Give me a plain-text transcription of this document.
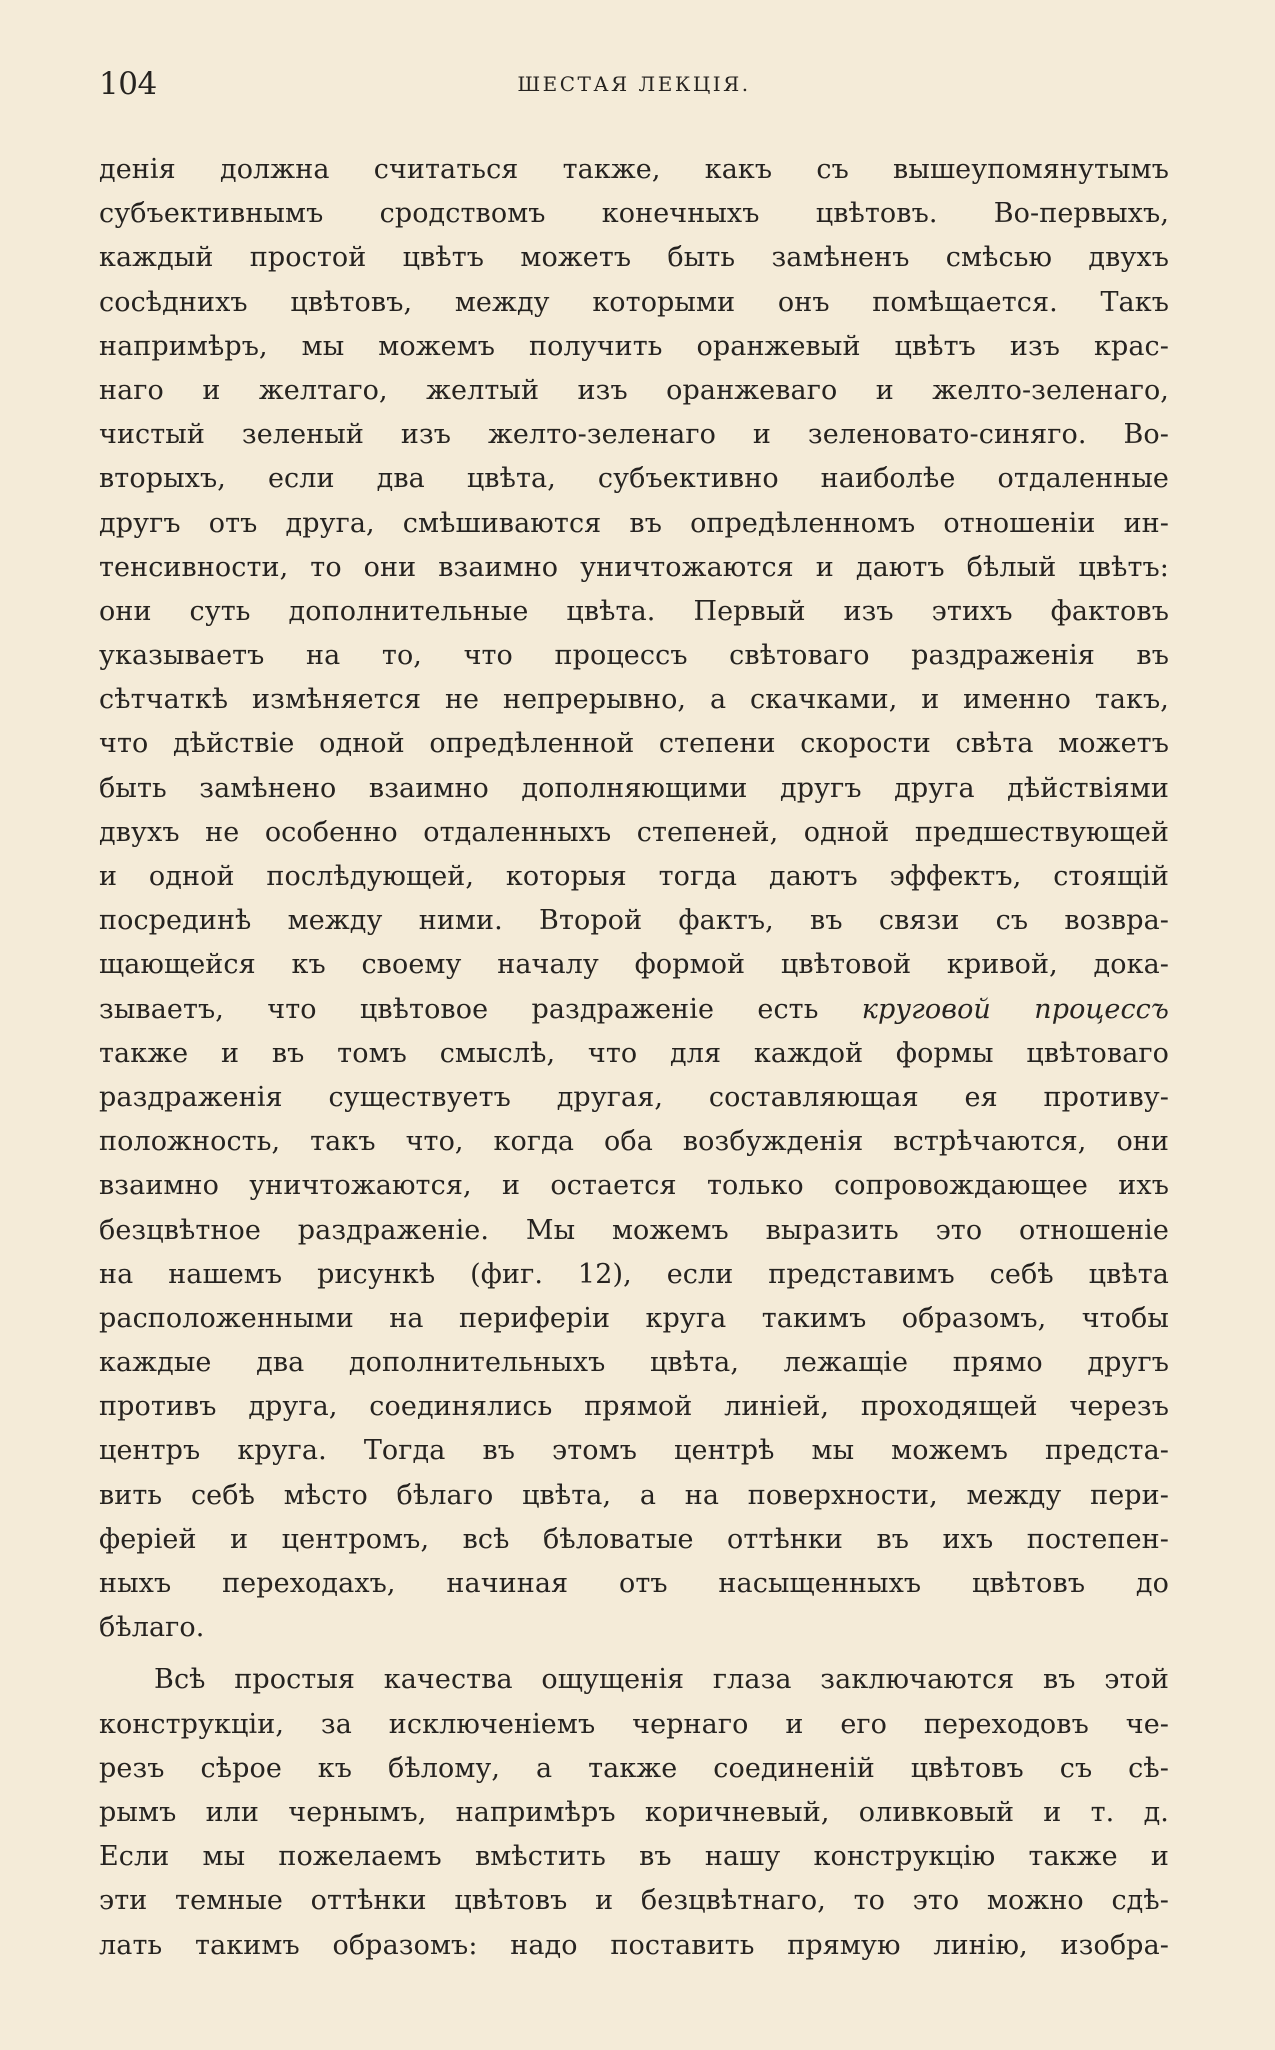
104	ШЕСТАЯ ЛЕКЦІЯ.
денія должна считаться также, какъ съ вышеупомянутымъ
субъективнымъ сродствомъ конечныхъ цвѣтовъ. Во-первыхъ,
каждый простой цвѣтъ можетъ быть замѣненъ смѣсью двухъ
сосѣднихъ цвѣтовъ, между которыми онъ помѣщается. Такъ
напримѣръ, мы можемъ получить оранжевый цвѣтъ изъ крас-
наго и желтаго, желтый изъ оранжеваго и желто-зеленаго,
чистый зеленый изъ желто-зеленаго и зеленовато-синяго. Во-
вторыхъ, если два цвѣта, субъективно наиболѣе отдаленные
другъ отъ друга, смѣшиваются въ опредѣленномъ отношеніи ин-
тенсивности, то они взаимно уничтожаются и даютъ бѣлый цвѣтъ:
они суть дополнительные цвѣта. Первый изъ этихъ фактовъ
указываетъ на то, что процессъ свѣтоваго раздраженія въ
сѣтчаткѣ измѣняется не непрерывно, а скачками, и именно такъ,
что дѣйствіе одной опредѣленной степени скорости свѣта можетъ
быть замѣнено взаимно дополняющими другъ друга дѣйствіями
двухъ не особенно отдаленныхъ степеней, одной предшествующей
и одной послѣдующей, которыя тогда даютъ эффектъ, стоящій
посрединѣ между ними. Второй фактъ, въ связи съ возвра-
щающейся къ своему началу формой цвѣтовой кривой, дока-
зываетъ, что цвѣтовое раздраженіе есть круговой процессъ
также и въ томъ смыслѣ, что для каждой формы цвѣтоваго
раздраженія существуетъ другая, составляющая ея противу-
положность, такъ что, когда оба возбужденія встрѣчаются, они
взаимно уничтожаются, и остается только сопровождающее ихъ
безцвѣтное раздраженіе. Мы можемъ выразить это отношеніе
на нашемъ рисункѣ (фиг. 12), если представимъ себѣ цвѣта
расположенными на периферіи круга такимъ образомъ, чтобы
каждые два дополнительныхъ цвѣта, лежащіе прямо другъ
противъ друга, соединялись прямой линіей, проходящей черезъ
центръ круга. Тогда въ этомъ центрѣ мы можемъ предста-
вить себѣ мѣсто бѣлаго цвѣта, а на поверхности, между пери-
феріей и центромъ, всѣ бѣловатые оттѣнки въ ихъ постепен-
ныхъ переходахъ, начиная отъ насыщенныхъ цвѣтовъ до
бѣлаго.
Всѣ простыя качества ощущенія глаза заключаются въ этой
конструкціи, за исключеніемъ чернаго и его переходовъ че-
резъ сѣрое къ бѣлому, а также соединеній цвѣтовъ съ сѣ-
рымъ или чернымъ, напримѣръ коричневый, оливковый и т. д.
Если мы пожелаемъ вмѣстить въ нашу конструкцію также и
эти темные оттѣнки цвѣтовъ и безцвѣтнаго, то это можно сдѣ-
лать такимъ образомъ: надо поставить прямую линію, изобра-
